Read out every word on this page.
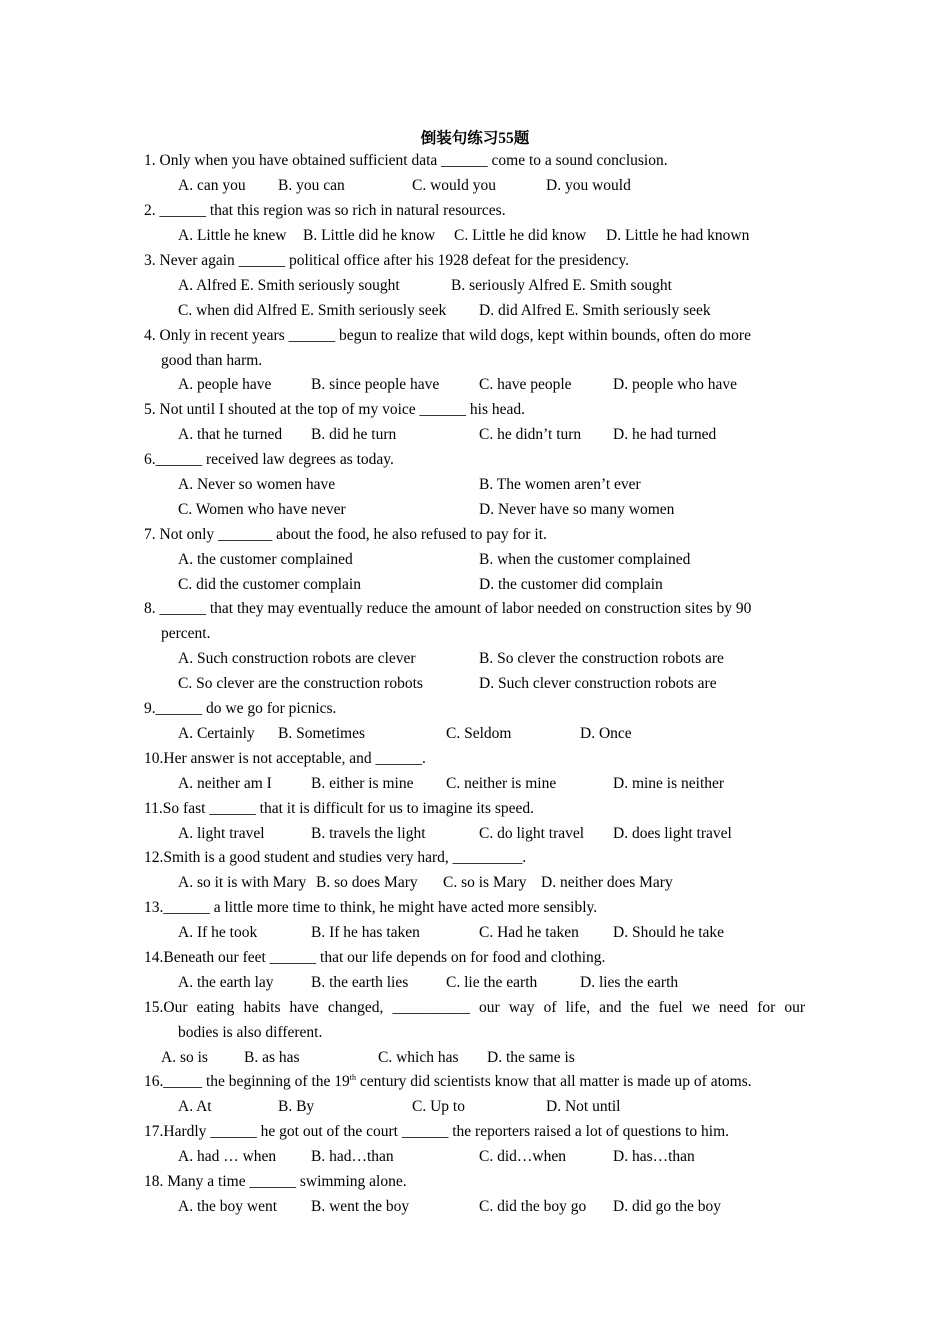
倒装句练习55题
1. Only when you have obtained sufficient data ______ come to a sound conclusion.
A. can you B. you can	C. would you	D. you would
2. ______ that this region was so rich in natural resources.
A. Little he knew B. Little did he know C. Little he did know D. Little he had known
3. Never again ______ political office after his 1928 defeat for the presidency.
A. Alfred E. Smith seriously sought	B. seriously Alfred E. Smith sought
C. when did Alfred E. Smith seriously seek D. did Alfred E. Smith seriously seek
4. Only in recent years ______ begun to realize that wild dogs, kept within bounds, often do more
good than harm.
A. people have	B. since people have	C. have people	D. people who have
5. Not until I shouted at the top of my voice ______ his head.
A. that he turned B. did he turn	C. he didn’t turn D. he had turned
6.______ received law degrees as today.
A. Never so women have	B. The women aren’t ever
C. Women who have never	D. Never have so many women
7. Not only _______ about the food, he also refused to pay for it.
A. the customer complained	B. when the customer complained
C. did the customer complain	D. the customer did complain
8. ______ that they may eventually reduce the amount of labor needed on construction sites by 90
percent.
A. Such construction robots are clever	B. So clever the construction robots are
C. So clever are the construction robots	D. Such clever construction robots are
9.______ do we go for picnics.
A. Certainly B. Sometimes	C. Seldom	D. Once
10.Her answer is not acceptable, and ______.
A. neither am I	B. either is mine C. neither is mine	D. mine is neither
11.So fast ______ that it is difficult for us to imagine its speed.
A. light travel	B. travels the light	C. do light travel D. does light travel
12.Smith is a good student and studies very hard, _________.
A. so it is with Mary B. so does Mary C. so is Mary D. neither does Mary
13.______ a little more time to think, he might have acted more sensibly.
A. If he took	B. If he has taken	C. Had he taken D. Should he take
14.Beneath our feet ______ that our life depends on for food and clothing.
A. the earth lay B. the earth lies C. lie the earth	D. lies the earth
15.Our eating habits have changed, __________ our way of life, and the fuel we need for our
bodies is also different.
A. so is B. as has	C. which has D. the same is
16._____ the beginning of the 19th century did scientists know that all matter is made up of atoms.
A. At	B. By	C. Up to	D. Not until
17.Hardly ______ he got out of the court ______ the reporters raised a lot of questions to him.
A. had … when B. had…than	C. did…when	D. has…than
18. Many a time ______ swimming alone.
A. the boy went B. went the boy	C. did the boy go D. did go the boy
